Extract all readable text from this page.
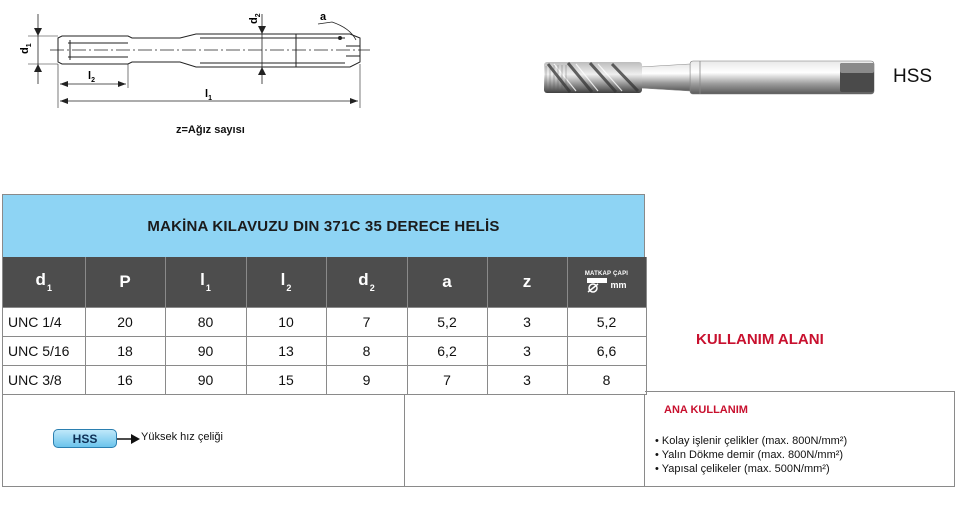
$d_1$
$l_2$
$l_1$
$d_2$	a
z=Ağız sayısı
HSS
MAKİNA KILAVUZU DIN 371C 35 DERECE HELİS
$d_1$	P	$l_1$	$l_2$	$d_2$	a	z	MATKAP ÇAPI
mm

UNC 1/4	20	80	10	7	5,2	3	5,2
UNC 5/16	18	90	13	8	6,2	3	6,6
UNC 3/8	16	90	15	9	7	3	8
HSS	Yüksek hız çeliği
KULLANIM ALANI
ANA KULLANIM
• Kolay işlenir çelikler (max. 800N/mm²)
• Yalın Dökme demir (max. 800N/mm²)
• Yapısal çelikeler (max. 500N/mm²)
